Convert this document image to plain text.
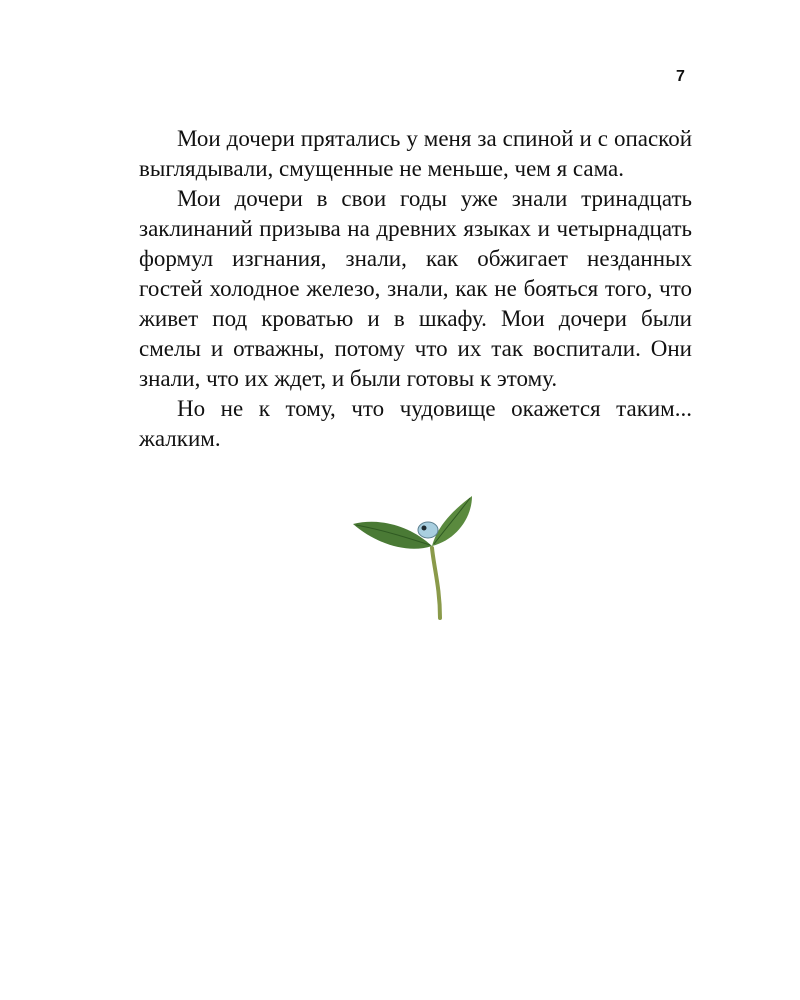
7

Мои дочери прятались у меня за спиной и с опаской выглядывали, смущенные не меньше, чем я сама.

Мои дочери в свои годы уже знали тринадцать заклинаний призыва на древних языках и четырнадцать формул изгнания, знали, как обжигает незданных гостей холодное железо, знали, как не бояться того, что живет под кроватью и в шкафу. Мои дочери были смелы и отважны, потому что их так воспитали. Они знали, что их ждет, и были готовы к этому.

Но не к тому, что чудовище окажется таким... жалким.
